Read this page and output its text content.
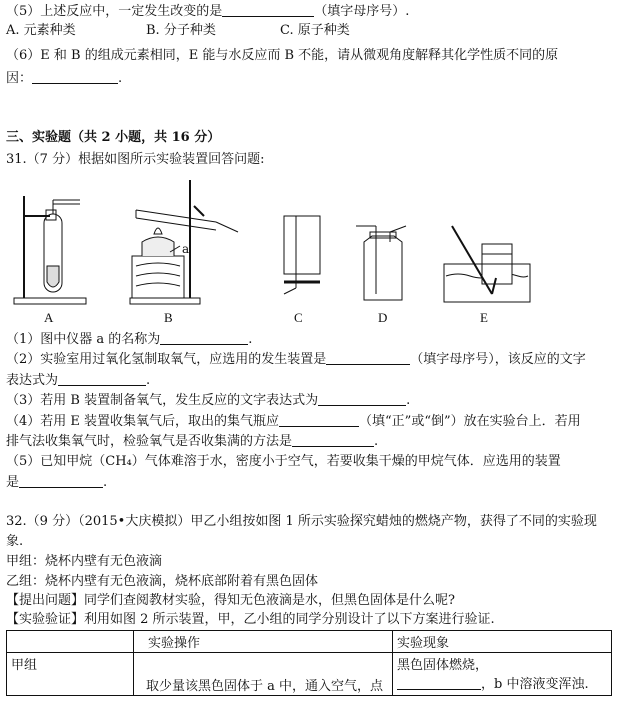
（5）上述反应中，一定发生改变的是	（填字母序号）.
A. 元素种类	B. 分子种类	C. 原子种类
（6）E 和 B 的组成元素相同，E 能与水反应而 B 不能，请从微观角度解释其化学性质不同的原
因：	.
三、实验题（共 2 小题，共 16 分）
31.（7 分）根据如图所示实验装置回答问题:
A
a
B	C	D	E
（1）图中仪器 a 的名称为	.
（2）实验室用过氧化氢制取氧气，应选用的发生装置是	（填字母序号），该反应的文字
表达式为	.
（3）若用 B 装置制备氧气，发生反应的文字表达式为	.
（4）若用 E 装置收集氧气后，取出的集气瓶应	（填“正”或“倒”）放在实验台上．若用
排气法收集氧气时，检验氧气是否收集满的方法是	.
（5）已知甲烷（CH₄）气体难溶于水，密度小于空气，若要收集干燥的甲烷气体．应选用的装置
是	.
32.（9 分）（2015•大庆模拟）甲乙小组按如图 1 所示实验探究蜡烛的燃烧产物，获得了不同的实验现
象.
甲组：烧杯内壁有无色液滴
乙组：烧杯内壁有无色液滴，烧杯底部附着有黑色固体
【提出问题】同学们查阅教材实验，得知无色液滴是水，但黑色固体是什么呢?
【实验验证】利用如图 2 所示装置，甲，乙小组的同学分别设计了以下方案进行验证.
	实验操作	实验现象
甲组	取少量该黑色固体于 a 中，通入空气，点	黑色固体燃烧，
，b 中溶液变浑浊.
